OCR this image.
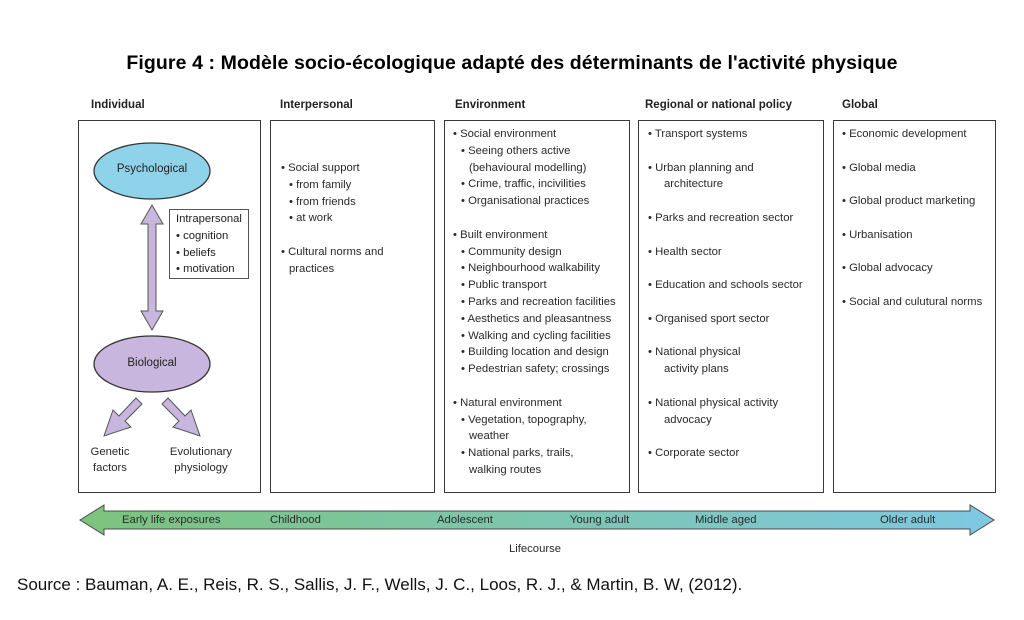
Figure 4 : Modèle socio-écologique adapté des déterminants de l'activité physique
Individual	Interpersonal	Environment	Regional or national policy	Global
Psychological
Biological
Intrapersonal
• cognition
• beliefs
• motivation
Genetic
factors
Evolutionary
physiology
• Social support
• from family
• from friends
• at work
• Cultural norms and
practices
• Social environment
• Seeing others active
(behavioural modelling)
• Crime, traffic, incivilities
• Organisational practices
• Built environment
• Community design
• Neighbourhood walkability
• Public transport
• Parks and recreation facilities
• Aesthetics and pleasantness
• Walking and cycling facilities
• Building location and design
• Pedestrian safety; crossings
• Natural environment
• Vegetation, topography,
weather
• National parks, trails,
walking routes
• Transport systems
• Urban planning and
architecture
• Parks and recreation sector
• Health sector
• Education and schools sector
• Organised sport sector
• National physical
activity plans
• National physical activity
advocacy
• Corporate sector
• Economic development
• Global media
• Global product marketing
• Urbanisation
• Global advocacy
• Social and culutural norms
Early life exposures	Childhood	Adolescent	Young adult	Middle aged	Older adult
Lifecourse
Source : Bauman, A. E., Reis, R. S., Sallis, J. F., Wells, J. C., Loos, R. J., & Martin, B. W, (2012).
